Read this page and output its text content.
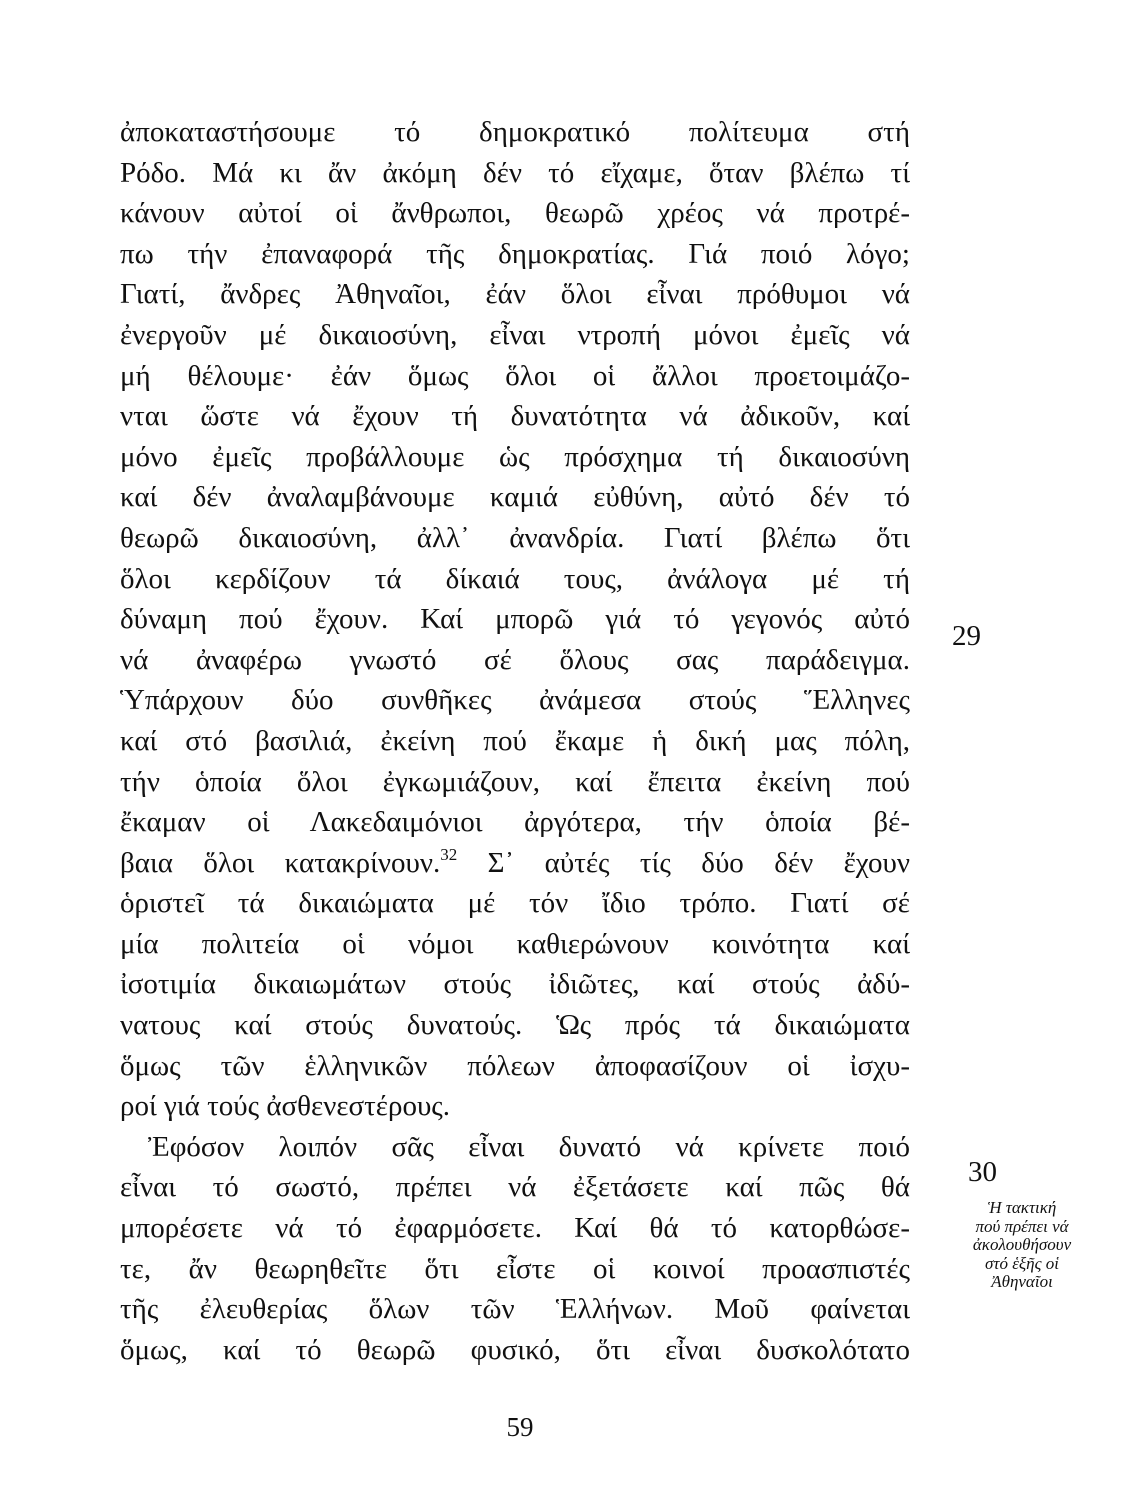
ἀποκαταστήσουμε τό δημοκρατικό πολίτευμα στή
Ρόδο. Μά κι ἄν ἀκόμη δέν τό εἴχαμε, ὅταν βλέπω τί
κάνουν αὐτοί οἱ ἄνθρωποι, θεωρῶ χρέος νά προτρέ-
πω τήν ἐπαναφορά τῆς δημοκρατίας. Γιά ποιό λόγο;
Γιατί, ἄνδρες Ἀθηναῖοι, ἐάν ὅλοι εἶναι πρόθυμοι νά
ἐνεργοῦν μέ δικαιοσύνη, εἶναι ντροπή μόνοι ἐμεῖς νά
μή θέλουμε· ἐάν ὅμως ὅλοι οἱ ἄλλοι προετοιμάζο-
νται ὥστε νά ἔχουν τή δυνατότητα νά ἀδικοῦν, καί
μόνο ἐμεῖς προβάλλουμε ὡς πρόσχημα τή δικαιοσύνη
καί δέν ἀναλαμβάνουμε καμιά εὐθύνη, αὐτό δέν τό
θεωρῶ δικαιοσύνη, ἀλλ᾽ ἀνανδρία. Γιατί βλέπω ὅτι
ὅλοι κερδίζουν τά δίκαιά τους, ἀνάλογα μέ τή
δύναμη πού ἔχουν. Καί μπορῶ γιά τό γεγονός αὐτό
νά ἀναφέρω γνωστό σέ ὅλους σας παράδειγμα.
Ὑπάρχουν δύο συνθῆκες ἀνάμεσα στούς Ἕλληνες
καί στό βασιλιά, ἐκείνη πού ἔκαμε ἡ δική μας πόλη,
τήν ὁποία ὅλοι ἐγκωμιάζουν, καί ἔπειτα ἐκείνη πού
ἔκαμαν οἱ Λακεδαιμόνιοι ἀργότερα, τήν ὁποία βέ-
βαια ὅλοι κατακρίνουν.$^{32}$ Σ᾽ αὐτές τίς δύο δέν ἔχουν
ὁριστεῖ τά δικαιώματα μέ τόν ἴδιο τρόπο. Γιατί σέ
μία πολιτεία οἱ νόμοι καθιερώνουν κοινότητα καί
ἰσοτιμία δικαιωμάτων στούς ἰδιῶτες, καί στούς ἀδύ-
νατους καί στούς δυνατούς. Ὡς πρός τά δικαιώματα
ὅμως τῶν ἑλληνικῶν πόλεων ἀποφασίζουν οἱ ἰσχυ-
ροί γιά τούς ἀσθενεστέρους.
Ἐφόσον λοιπόν σᾶς εἶναι δυνατό νά κρίνετε ποιό
εἶναι τό σωστό, πρέπει νά ἐξετάσετε καί πῶς θά
μπορέσετε νά τό ἐφαρμόσετε. Καί θά τό κατορθώσε-
τε, ἄν θεωρηθεῖτε ὅτι εἶστε οἱ κοινοί προασπιστές
τῆς ἐλευθερίας ὅλων τῶν Ἑλλήνων. Μοῦ φαίνεται
ὅμως, καί τό θεωρῶ φυσικό, ὅτι εἶναι δυσκολότατο
29
30
Ἡ τακτική
πού πρέπει νά
ἀκολουθήσουν
στό ἑξῆς οἱ
Ἀθηναῖοι
59
